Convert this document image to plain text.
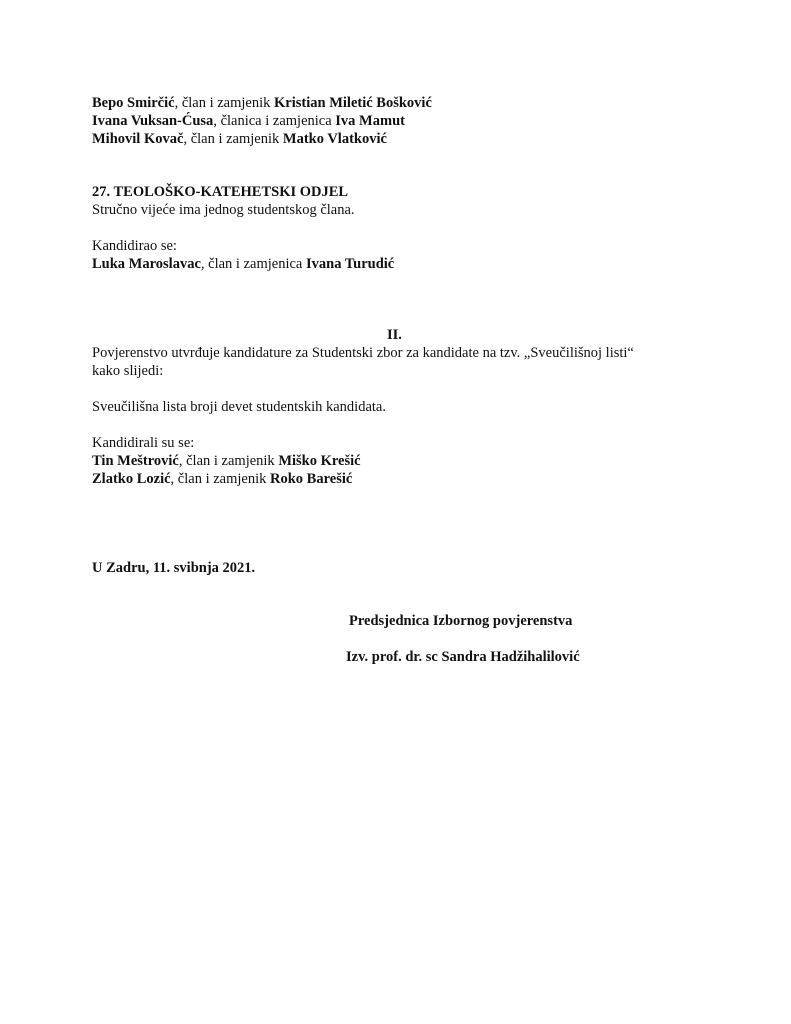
Bepo Smirčić, član i zamjenik Kristian Miletić Bošković
Ivana Vuksan-Ćusa, članica i zamjenica Iva Mamut
Mihovil Kovač, član i zamjenik Matko Vlatković
27. TEOLOŠKO-KATEHETSKI ODJEL
Stručno vijeće ima jednog studentskog člana.
Kandidirao se:
Luka Maroslavac, član i zamjenica Ivana Turudić
II.
Povjerenstvo utvrđuje kandidature za Studentski zbor za kandidate na tzv. „Sveučilišnoj listi“
kako slijedi:
Sveučilišna lista broji devet studentskih kandidata.
Kandidirali su se:
Tin Meštrović, član i zamjenik Miško Krešić
Zlatko Lozić, član i zamjenik Roko Barešić
U Zadru, 11. svibnja 2021.
Predsjednica Izbornog povjerenstva
Izv. prof. dr. sc Sandra Hadžihalilović
